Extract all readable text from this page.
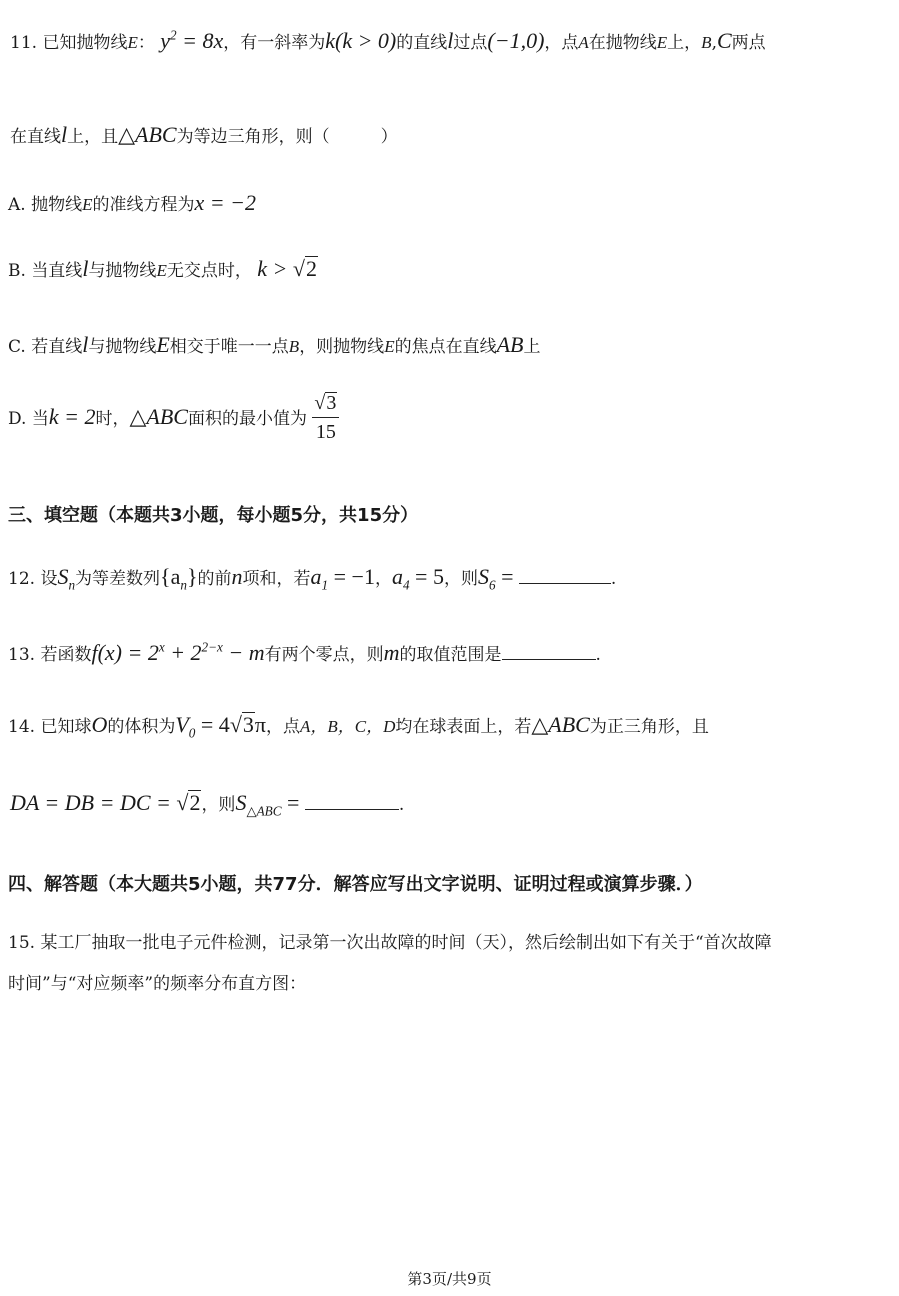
11. 已知抛物线E： $y^2 = 8x$，有一斜率为k(k > 0)的直线l过点(−1,0)，点A在抛物线E上，B,C两点
在直线l上，且△ABC为等边三角形，则（　　　）
A. 抛物线E的准线方程为x = −2
B. 当直线l与抛物线E无交点时， k > √2
C. 若直线l与抛物线E相交于唯一一点B，则抛物线E的焦点在直线AB上
D. 当k = 2时，△ABC面积的最小值为 $\frac{√3}{15}$
三、填空题（本题共3小题，每小题5分，共15分）
12. 设$S_n$为等差数列$\{a_n\}$的前n项和，若$a_1 = -1$，$a_4 = 5$，则$S_6$ =	.
13. 若函数$f(x) = 2^x + 2^{2-x} - m$有两个零点，则m的取值范围是	.
14. 已知球O的体积为$V_0 = 4√3\pi$，点A，B，C，D均在球表面上，若△ABC为正三角形，且
DA = DB = DC = √2，则$S_{\triangle ABC}$ =	.
四、解答题（本大题共5小题，共77分．解答应写出文字说明、证明过程或演算步骤．）
15. 某工厂抽取一批电子元件检测，记录第一次出故障的时间（天），然后绘制出如下有关于“首次故障
时间”与“对应频率”的频率分布直方图：
第3页/共9页
